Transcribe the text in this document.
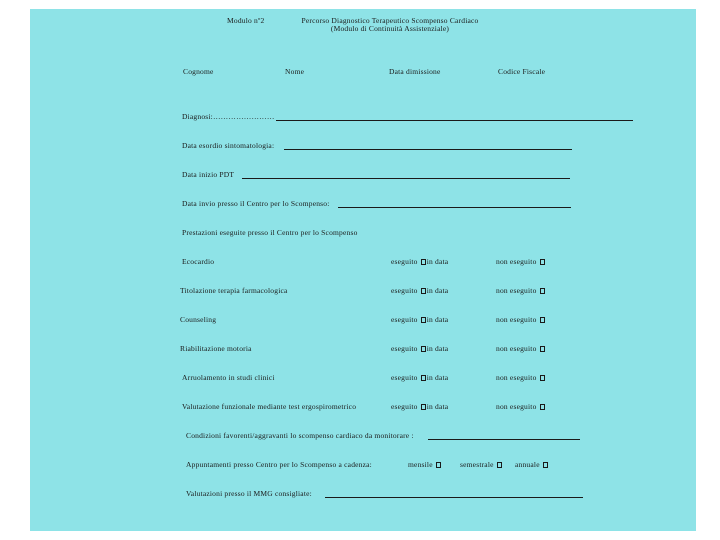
Modulo nº2	Percorso Diagnostico Terapeutico Scompenso Cardiaco
(Modulo di Continuità Assistenziale)
Cognome	Nome	Data dimissione	Codice Fiscale
Diagnosi:……………………
Data esordio sintomatologia:
Data inizio PDT
Data invio presso il Centro per lo Scompenso:
Prestazioni eseguite presso il Centro per lo Scompenso
Ecocardio	eseguito in data	non eseguito
Titolazione terapia farmacologica	eseguito in data	non eseguito
Counseling	eseguito in data	non eseguito
Riabilitazione motoria	eseguito in data	non eseguito
Arruolamento in studi clinici	eseguito in data	non eseguito
Valutazione funzionale mediante test ergospirometrico	eseguito in data	non eseguito
Condizioni favorenti/aggravanti lo scompenso cardiaco da monitorare :
Appuntamenti presso Centro per lo Scompenso a cadenza:	mensile	semestrale	annuale
Valutazioni presso il MMG consigliate:
